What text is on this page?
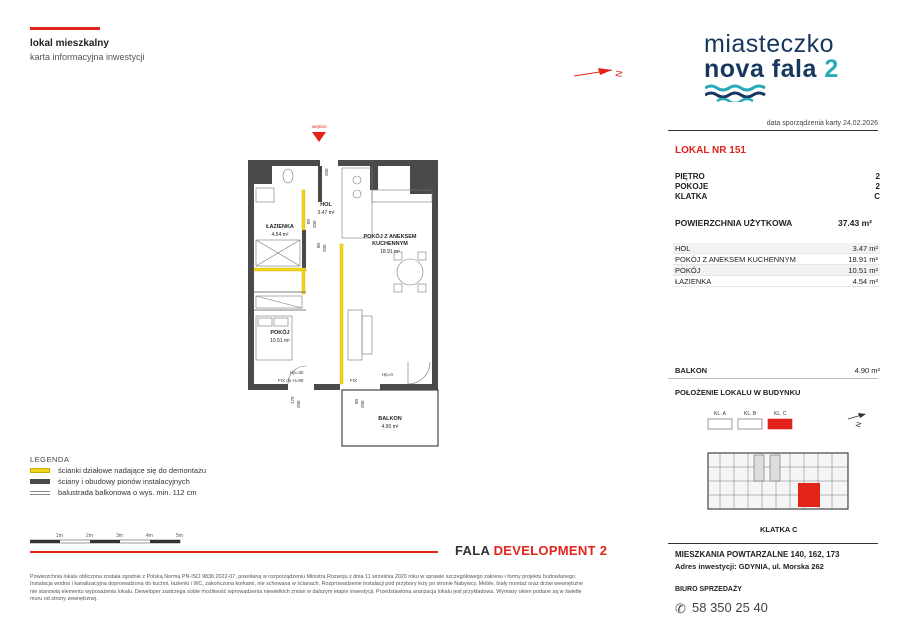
lokal mieszkalny
karta informacyjna inwestycji
N
miasteczko
nova fala 2
data sporządzenia karty 24.02.2026
LOKAL NR 151
PIĘTRO	2
POKOJE	2
KLATKA	C
POWIERZCHNIA UŻYTKOWA	37.43 m²
HOL	3.47 m²
POKÓJ Z ANEKSEM KUCHENNYM	18.91 m²
POKÓJ	10.51 m²
ŁAZIENKA	4.54 m²
BALKON	4.90 m²
POŁOŻENIE LOKALU W BUDYNKU
KL. A	KL. B	KL. C
N
KLATKA C
MIESZKANIA POWTARZALNE 140, 162, 173
Adres inwestycji: GDYNIA, ul. Morska 262
BIURO SPRZEDAŻY
✆ 58 350 25 40
wejście
90 200
80 200
80 200
170
200	80 200
Hp=30	Hp=0
FIX do H=90	FIX
HOL
3.47 m²
ŁAZIENKA
4.54 m²	POKÓJ Z ANEKSEM
KUCHENNYM
18.91 m²
POKÓJ
10.51 m²
BALKON
4.90 m²
LEGENDA
ścianki działowe nadające się do demontażu
ściany i obudowy pionów instalacyjnych
balustrada balkonowa o wys. min. 112 cm
1m	2m	3m	4m	5m
FALA DEVELOPMENT 2
Powierzchnia lokalu obliczona została zgodnie z Polską Normą PN-ISO 9836:2022-07, powołaną w rozporządzeniu Ministra Rozwoju z dnia 11 września 2020 roku w sprawie szczegółowego zakresu i formy projektu budowlanego. Instalacja wodna i kanalizacyjna doprowadzona do kuchni, łazienki i WC, zakończona korkami, nie schowana w ścianach. Rozprowadzenie instalacji pod przybory leży po stronie Nabywcy. Meble, biały montaż oraz drzwi wewnętrzne nie stanowią elementu wyposażenia lokalu. Deweloper zastrzega sobie możliwość wprowadzenia niewielkich zmian w dalszym etapie inwestycji. Przedstawiona aranżacja lokalu jest przykładowa. Wymiary okien podane są w świetle muru od strony zewnętrznej.
